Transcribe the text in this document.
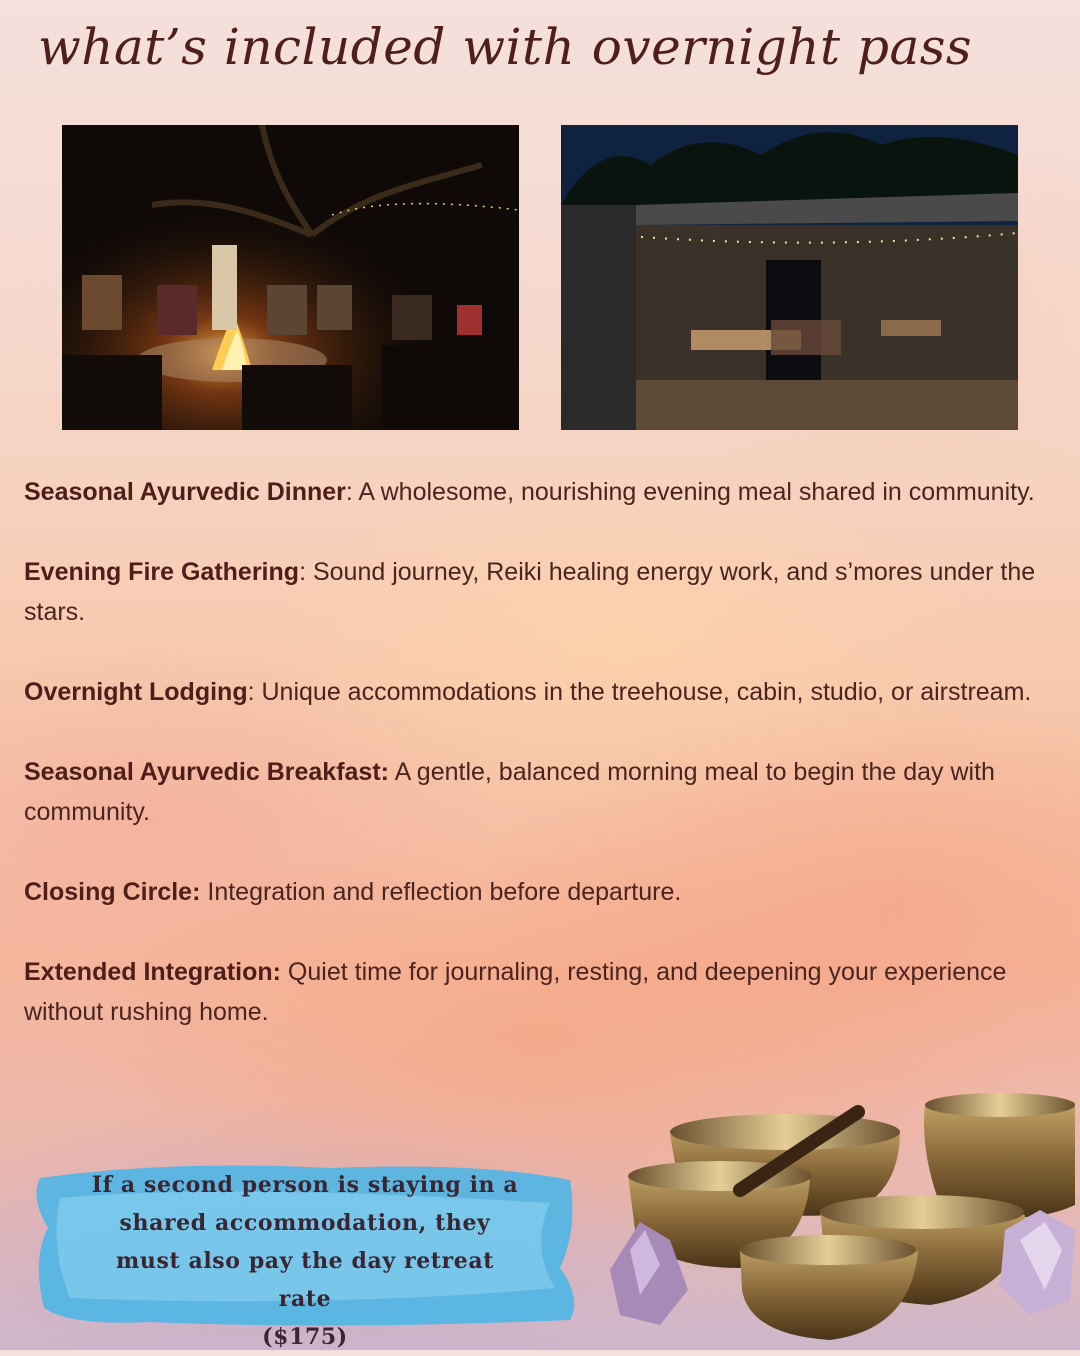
what’s included with overnight pass

Seasonal Ayurvedic Dinner: A wholesome, nourishing evening meal shared in community.

Evening Fire Gathering: Sound journey, Reiki healing energy work, and s’mores under the stars.

Overnight Lodging: Unique accommodations in the treehouse, cabin, studio, or airstream.

Seasonal Ayurvedic Breakfast: A gentle, balanced morning meal to begin the day with community.

Closing Circle: Integration and reflection before departure.

Extended Integration: Quiet time for journaling, resting, and deepening your experience without rushing home.

If a second person is staying in a shared accommodation, they must also pay the day retreat rate
($175)
